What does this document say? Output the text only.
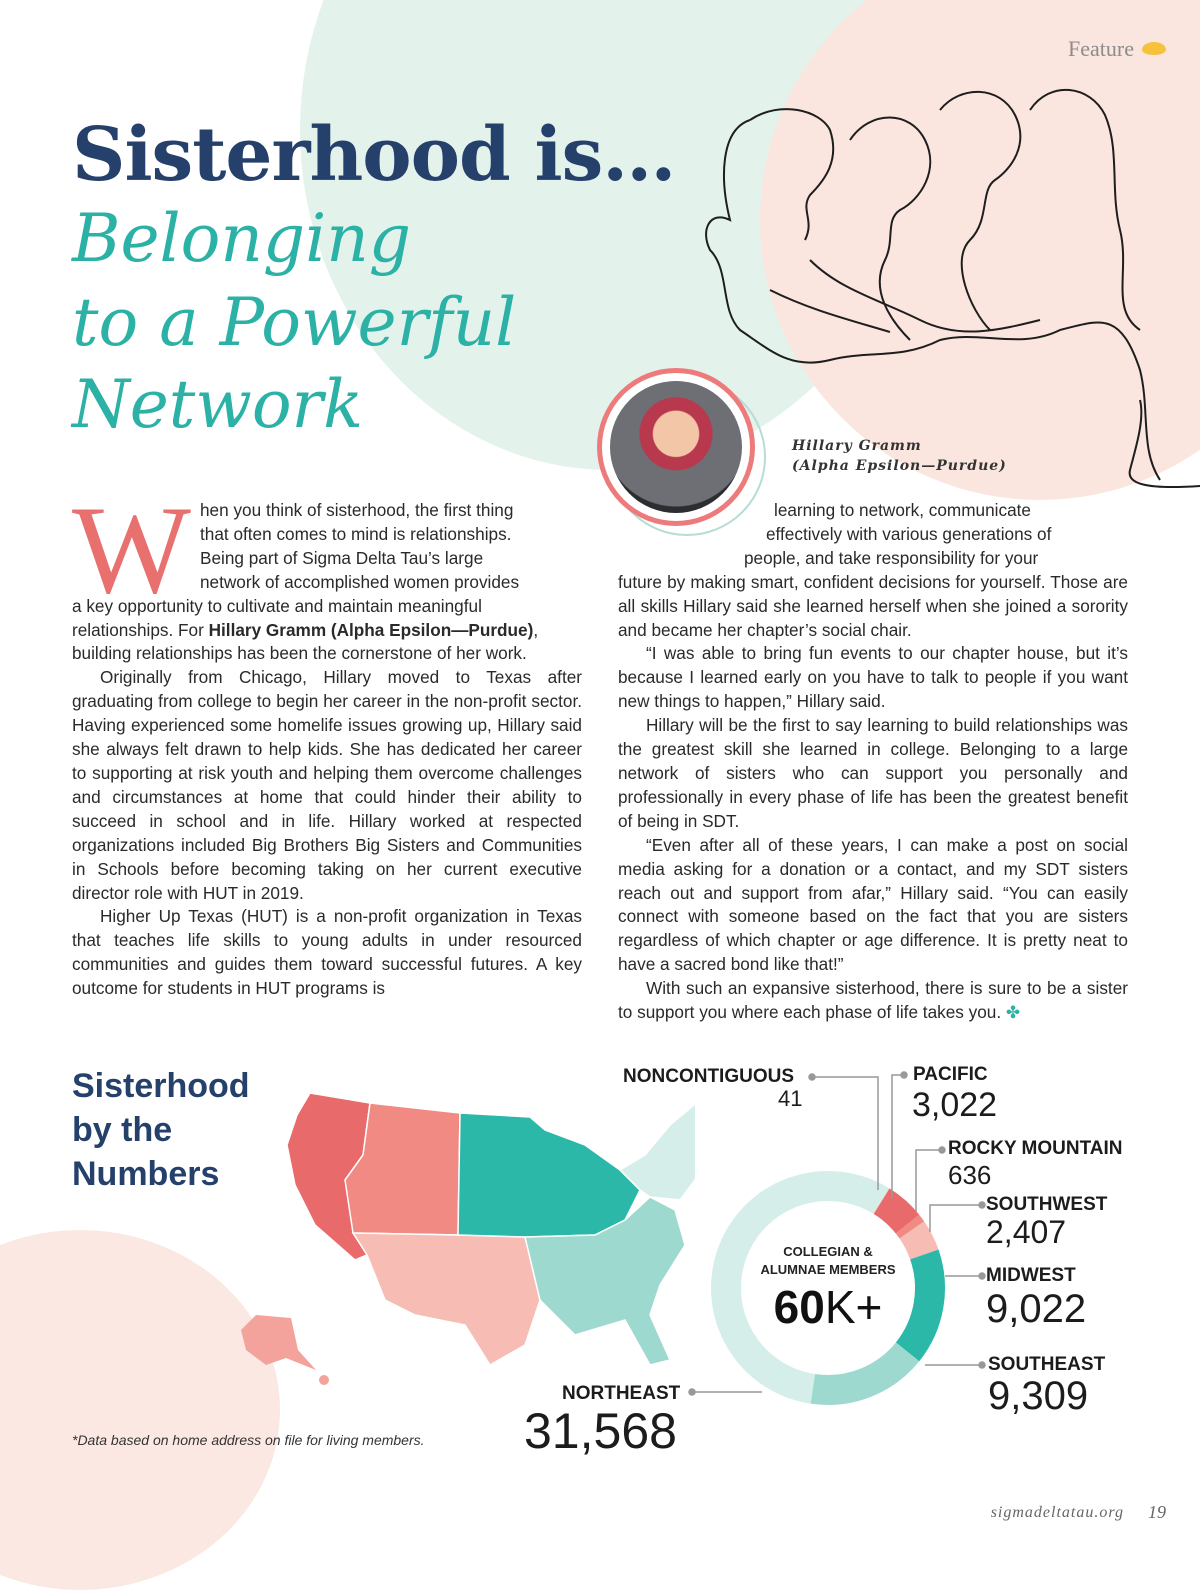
Feature
Sisterhood is…
Belonging
to a Powerful
Network
Hillary Gramm
(Alpha Epsilon—Purdue)
W hen you think of sisterhood, the first thing
that often comes to mind is relationships.
Being part of Sigma Delta Tau’s large
network of accomplished women provides
a key opportunity to cultivate and maintain meaningful
relationships. For Hillary Gramm (Alpha Epsilon—Purdue),
building relationships has been the cornerstone of her work.
Originally from Chicago, Hillary moved to Texas after graduating from college to begin her career in the non-profit sector. Having experienced some homelife issues growing up, Hillary said she always felt drawn to help kids. She has dedicated her career to supporting at risk youth and helping them overcome challenges and circumstances at home that could hinder their ability to succeed in school and in life. Hillary worked at respected organizations included Big Brothers Big Sisters and Communities in Schools before becoming taking on her current executive director role with HUT in 2019.
Higher Up Texas (HUT) is a non-profit organization in Texas that teaches life skills to young adults in under resourced communities and guides them toward successful futures. A key outcome for students in HUT programs is
learning to network, communicate
effectively with various generations of
people, and take responsibility for your
future by making smart, confident decisions for yourself. Those are all skills Hillary said she learned herself when she joined a sorority and became her chapter’s social chair.
“I was able to bring fun events to our chapter house, but it’s because I learned early on you have to talk to people if you want new things to happen,” Hillary said.
Hillary will be the first to say learning to build relationships was the greatest skill she learned in college. Belonging to a large network of sisters who can support you personally and professionally in every phase of life has been the greatest benefit of being in SDT.
“Even after all of these years, I can make a post on social media asking for a donation or a contact, and my SDT sisters reach out and support from afar,” Hillary said. “You can easily connect with someone based on the fact that you are sisters regardless of which chapter or age difference. It is pretty neat to have a sacred bond like that!”
With such an expansive sisterhood, there is sure to be a sister to support you where each phase of life takes you. ✤
Sisterhood
by the
Numbers
COLLEGIAN &
ALUMNAE MEMBERS
60K+
NONCONTIGUOUS
41
PACIFIC
3,022
ROCKY MOUNTAIN
636
SOUTHWEST
2,407
MIDWEST
9,022
SOUTHEAST
9,309
NORTHEAST
31,568
*Data based on home address on file for living members.
sigmadeltatau.org 19
